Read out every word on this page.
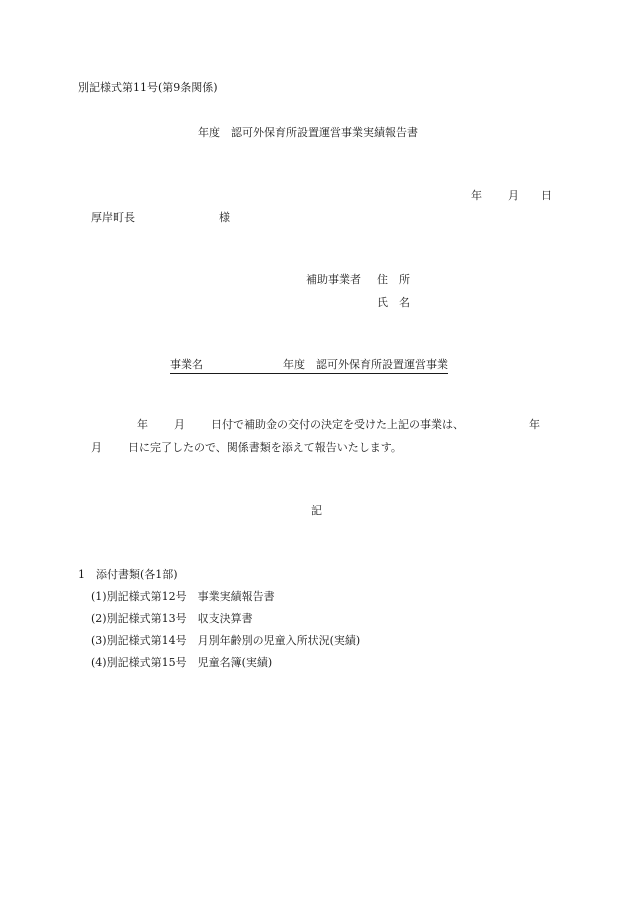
別記様式第11号(第9条関係)
年度　認可外保育所設置運営事業実績報告書
年 月 日
厚岸町長	様
補助事業者 住　所
氏　名
事業名	年度　認可外保育所設置運営事業
年 月 日付で補助金の交付の決定を受けた上記の事業は、	年
月 日に完了したので、関係書類を添えて報告いたします。
記
1　添付書類(各1部)
(1)別記様式第12号　事業実績報告書
(2)別記様式第13号　収支決算書
(3)別記様式第14号　月別年齢別の児童入所状況(実績)
(4)別記様式第15号　児童名簿(実績)
